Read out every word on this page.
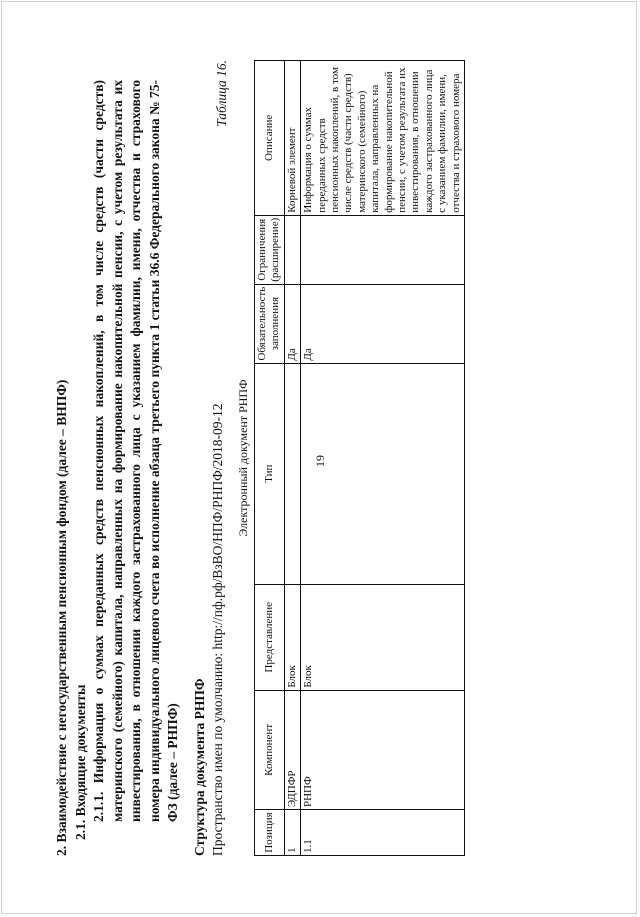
19
2. Взаимодействие с негосударственным пенсионным фондом (далее – ВНПФ) 2.1. Входящие документы 2.1.1. Информация о суммах переданных средств пенсионных накоплений, в том числе средств (части средств) материнского (семейного) капитала, направленных на формирование накопительной пенсии, с учетом результата их инвестирования, в отношении каждого застрахованного лица с указанием фамилии, имени, отчества и страхового номера индивидуального лицевого счета во исполнение абзаца третьего пункта 1 статьи 36.6 Федерального закона № 75-ФЗ (далее – РНПФ) Структура документа РНПФ Пространство имен по умолчанию: http://пф.рф/ВзВО/НПФ/РНПФ/2018-09-12
Таблица 16.
Электронный документ РНПФ
Позиция	Компонент	Представление	Тип	Обязательность заполнения	Ограничения (расширение)	Описание
1	ЭДПФР	Блок		Да		Корневой элемент
1.1	РНПФ	Блок		Да		Информация о суммах переданных средств пенсионных накоплений, в том числе средств (части средств) материнского (семейного) капитала, направленных на формирование накопительной пенсии, с учетом результата их инвестирования, в отношении каждого застрахованного лица с указанием фамилии, имени, отчества и страхового номера
